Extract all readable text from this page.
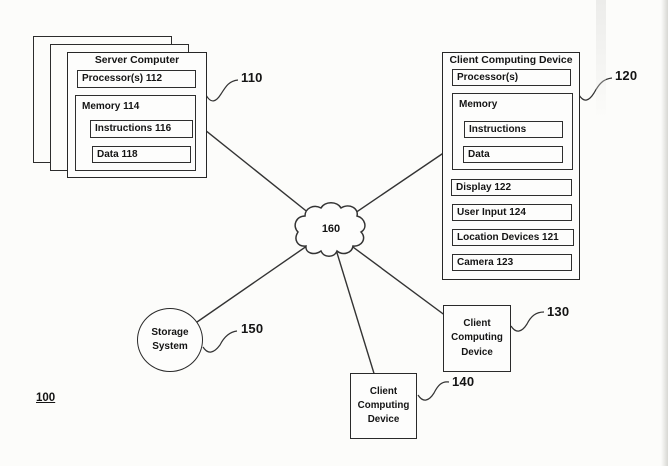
Server Computer
Processor(s) 112
Memory 114
Instructions 116
Data 118
Client Computing Device
Processor(s)
Memory
Instructions
Data
Display 122
User Input 124
Location Devices 121
Camera 123
Storage System
Client Computing Device
Client Computing Device
160
110	120
150
130
140
100
